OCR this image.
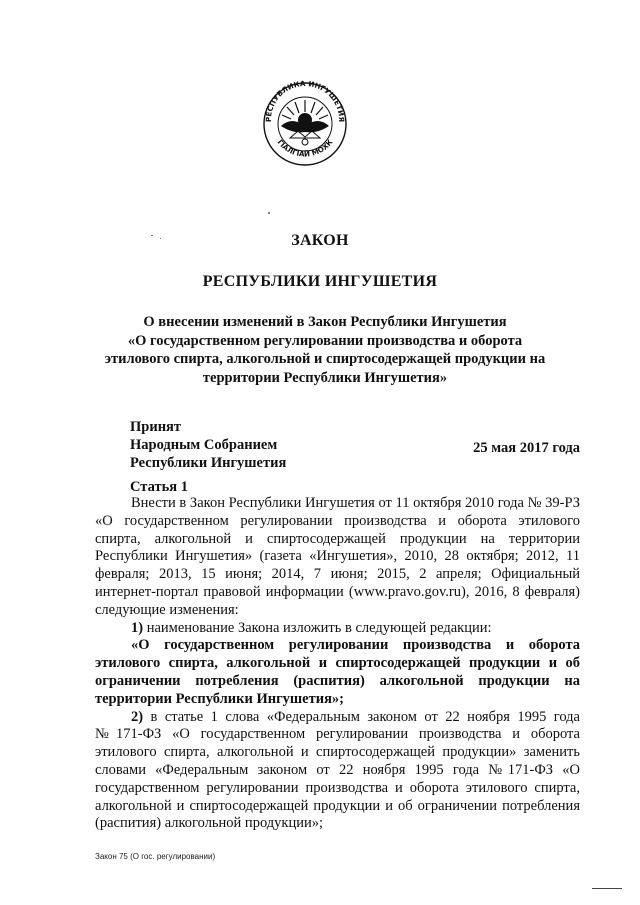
РЕСПУБЛИКА ИНГУШЕТИЯ
ГIАЛГIАЙ МОХК
ЗАКОН
РЕСПУБЛИКИ ИНГУШЕТИЯ
О внесении изменений в Закон Республики Ингушетия
«О государственном регулировании производства и оборота
этилового спирта, алкогольной и спиртосодержащей продукции на
территории Республики Ингушетия»
Принят
Народным Собранием
Республики Ингушетия
25 мая 2017 года
Статья 1

Внести в Закон Республики Ингушетия от 11 октября 2010 года № 39-РЗ «О государственном регулировании производства и оборота этилового спирта, алкогольной и спиртосодержащей продукции на территории Республики Ингушетия» (газета «Ингушетия», 2010, 28 октября; 2012, 11 февраля; 2013, 15 июня; 2014, 7 июня; 2015, 2 апреля; Официальный интернет-портал правовой информации (www.pravo.gov.ru), 2016, 8 февраля) следующие изменения:

1) наименование Закона изложить в следующей редакции:

«О государственном регулировании производства и оборота этилового спирта, алкогольной и спиртосодержащей продукции и об ограничении потребления (распития) алкогольной продукции на территории Республики Ингушетия»;

2) в статье 1 слова «Федеральным законом от 22 ноября 1995 года №171-ФЗ «О государственном регулировании производства и оборота этилового спирта, алкогольной и спиртосодержащей продукции» заменить словами «Федеральным законом от 22 ноября 1995 года №171-ФЗ «О государственном регулировании производства и оборота этилового спирта, алкогольной и спиртосодержащей продукции и об ограничении потребления (распития) алкогольной продукции»;

Закон 75 (О гос. регулировании)
